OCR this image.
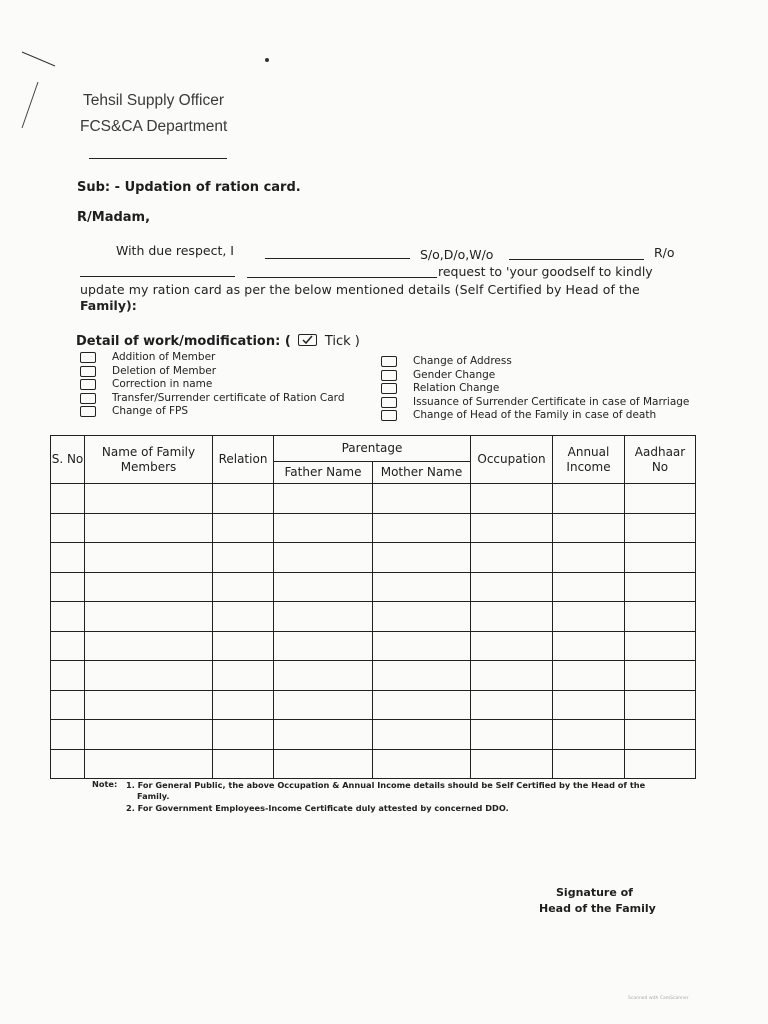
Tehsil Supply Officer
FCS&CA Department
Sub: - Updation of ration card.
R/Madam,
With due respect, I	S/o,D/o,W/o	R/o
request to 'your goodself to kindly
update my ration card as per the below mentioned details (Self Certified by Head of the
Family):
Detail of work/modification: (	Tick )
Addition of Member
Deletion of Member
Correction in name
Transfer/Surrender certificate of Ration Card
Change of FPS
Change of Address
Gender Change
Relation Change
Issuance of Surrender Certificate in case of Marriage
Change of Head of the Family in case of death
S. No	Name of Family Members	Relation	Parentage		Occupation	Annual Income	Aadhaar No
			Father Name	Mother Name			

Note: 1. For General Public, the above Occupation & Annual Income details should be Self Certified by the Head of the
Family.
2. For Government Employees-Income Certificate duly attested by concerned DDO.
Signature of
Head of the Family
Scanned with CamScanner
